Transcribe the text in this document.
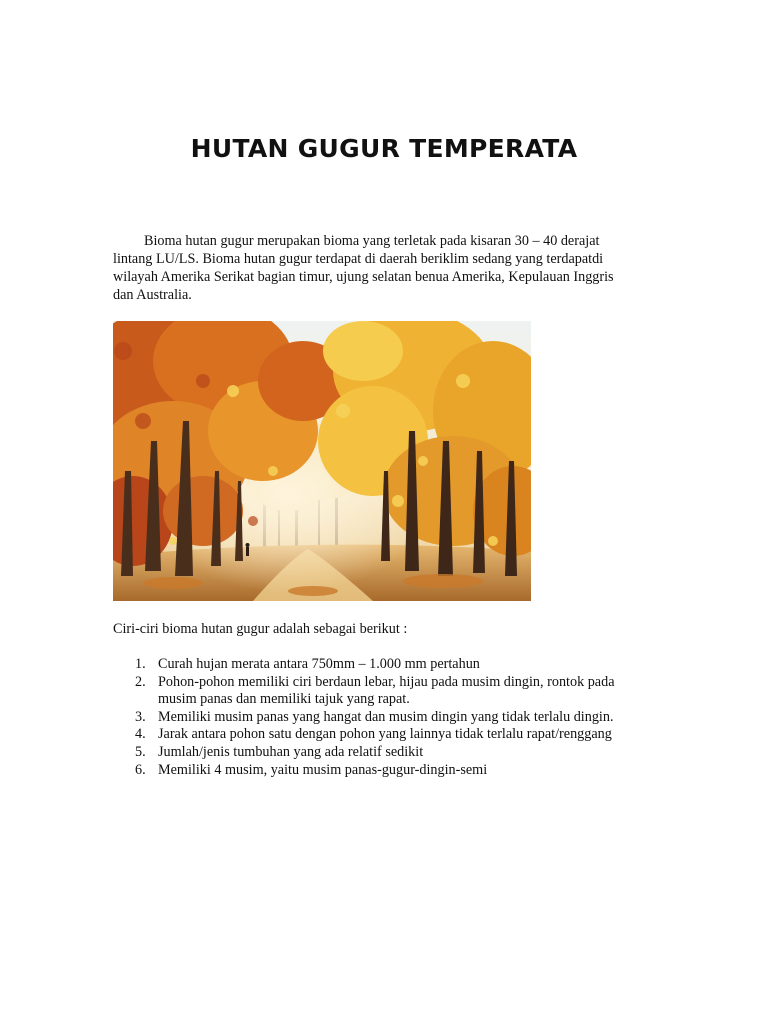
HUTAN GUGUR TEMPERATA

Bioma hutan gugur merupakan bioma yang terletak pada kisaran 30 – 40 derajat
lintang LU/LS. Bioma hutan gugur terdapat di daerah beriklim sedang yang terdapatdi
wilayah Amerika Serikat bagian timur, ujung selatan benua Amerika, Kepulauan Inggris
dan Australia.

Ciri-ciri bioma hutan gugur adalah sebagai berikut :

1. Curah hujan merata antara 750mm – 1.000 mm pertahun
2. Pohon-pohon memiliki ciri berdaun lebar, hijau pada musim dingin, rontok pada
musim panas dan memiliki tajuk yang rapat.
3. Memiliki musim panas yang hangat dan musim dingin yang tidak terlalu dingin.
4. Jarak antara pohon satu dengan pohon yang lainnya tidak terlalu rapat/renggang
5. Jumlah/jenis tumbuhan yang ada relatif sedikit
6. Memiliki 4 musim, yaitu musim panas-gugur-dingin-semi
